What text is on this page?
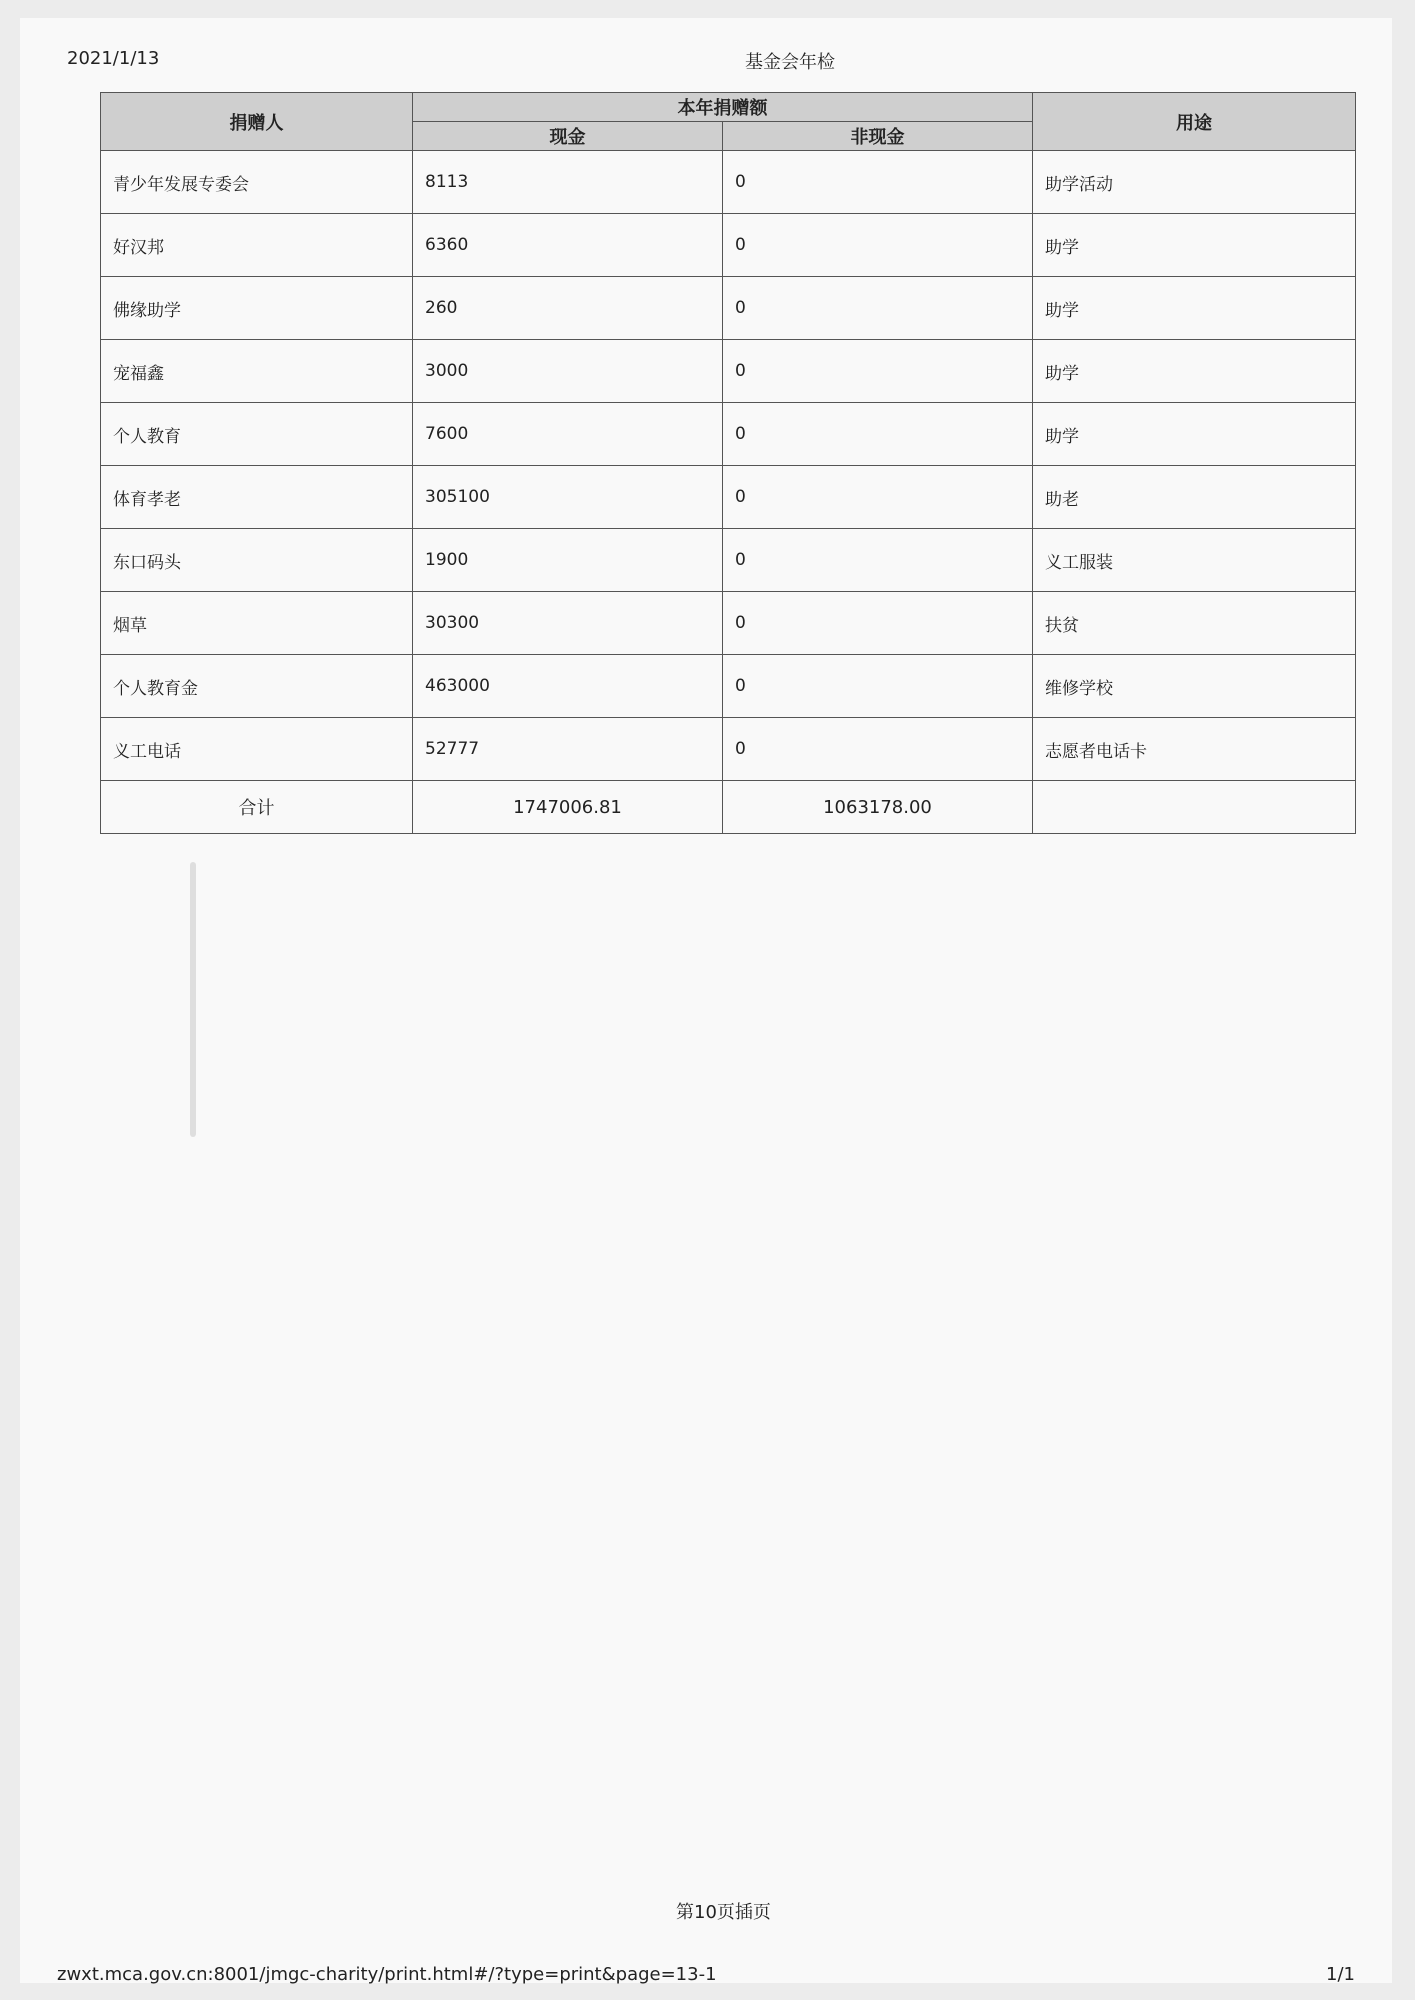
2021/1/13	基金会年检
捐赠人	本年捐赠额		用途
	现金	非现金	
青少年发展专委会	8113	0	助学活动
好汉邦	6360	0	助学
佛缘助学	260	0	助学
宠福鑫	3000	0	助学
个人教育	7600	0	助学
体育孝老	305100	0	助老
东口码头	1900	0	义工服装
烟草	30300	0	扶贫
个人教育金	463000	0	维修学校
义工电话	52777	0	志愿者电话卡
合计	1747006.81	1063178.00	
第10页插页
zwxt.mca.gov.cn:8001/jmgc-charity/print.html#/?type=print&page=13-1	1/1
